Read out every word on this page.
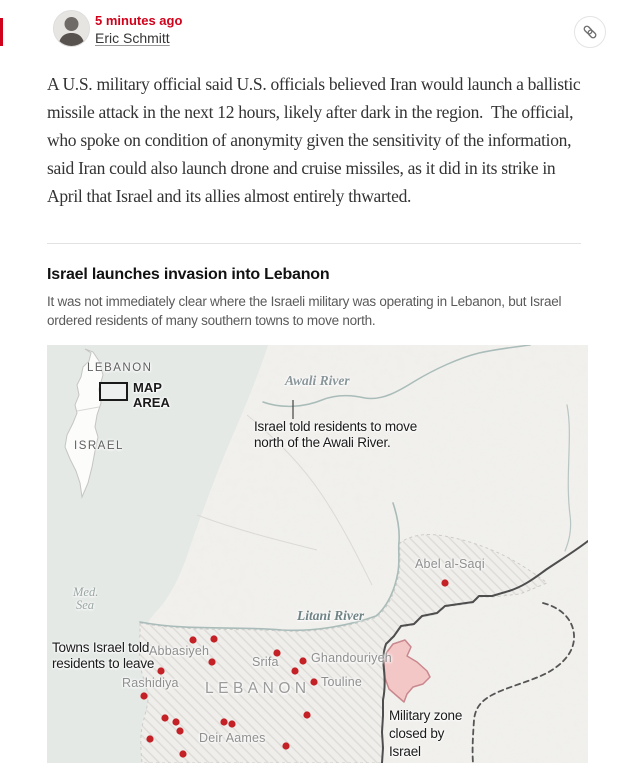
5 minutes ago
Eric Schmitt
A U.S. military official said U.S. officials believed Iran would launch a ballistic missile attack in the next 12 hours, likely after dark in the region.  The official, who spoke on condition of anonymity given the sensitivity of the information, said Iran could also launch drone and cruise missiles, as it did in its strike in April that Israel and its allies almost entirely thwarted.
Israel launches invasion into Lebanon
It was not immediately clear where the Israeli military was operating in Lebanon, but Israel ordered residents of many southern towns to move north.
LEBANON
MAP
AREA
ISRAEL
Awali River
Litani River
Med.
Sea
Israel told residents to move
north of the Awali River.
Towns Israel told
residents to leave
Military zone
closed by
Israel
Abel al-Saqi
Abbasiyeh
Srifa	Ghandouriyeh
Touline
Rashidiya
Deir Aames
LEBANON
